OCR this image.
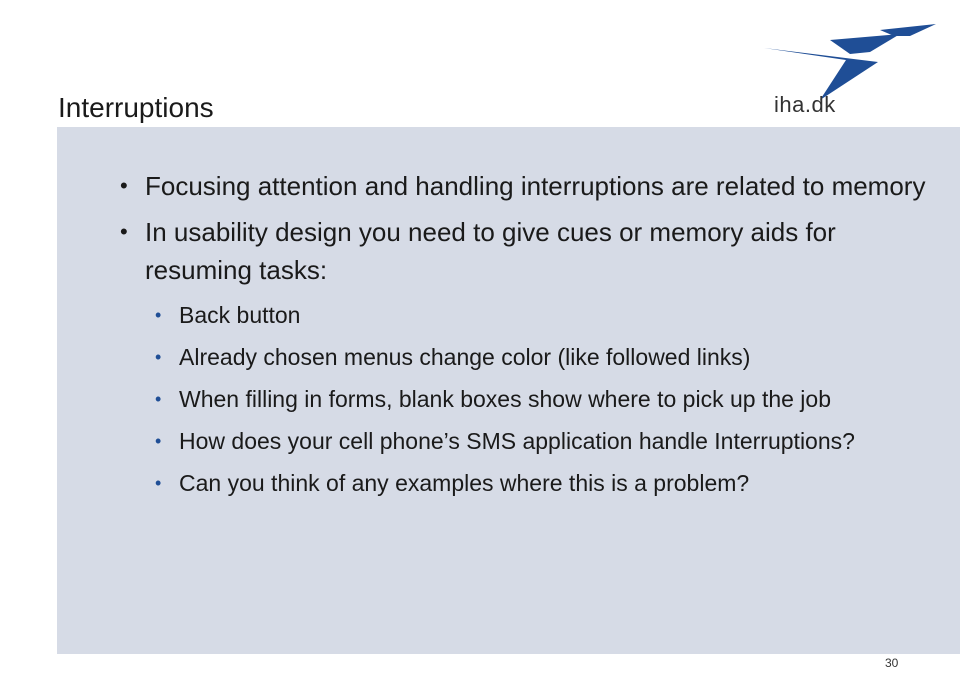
Interruptions	iha.dk
• Focusing attention and handling interruptions are related to memory
• In usability design you need to give cues or memory aids for resuming tasks:
• Back button
• Already chosen menus change color (like followed links)
• When filling in forms, blank boxes show where to pick up the job
• How does your cell phone’s SMS application handle Interruptions?
• Can you think of any examples where this is a problem?
30
